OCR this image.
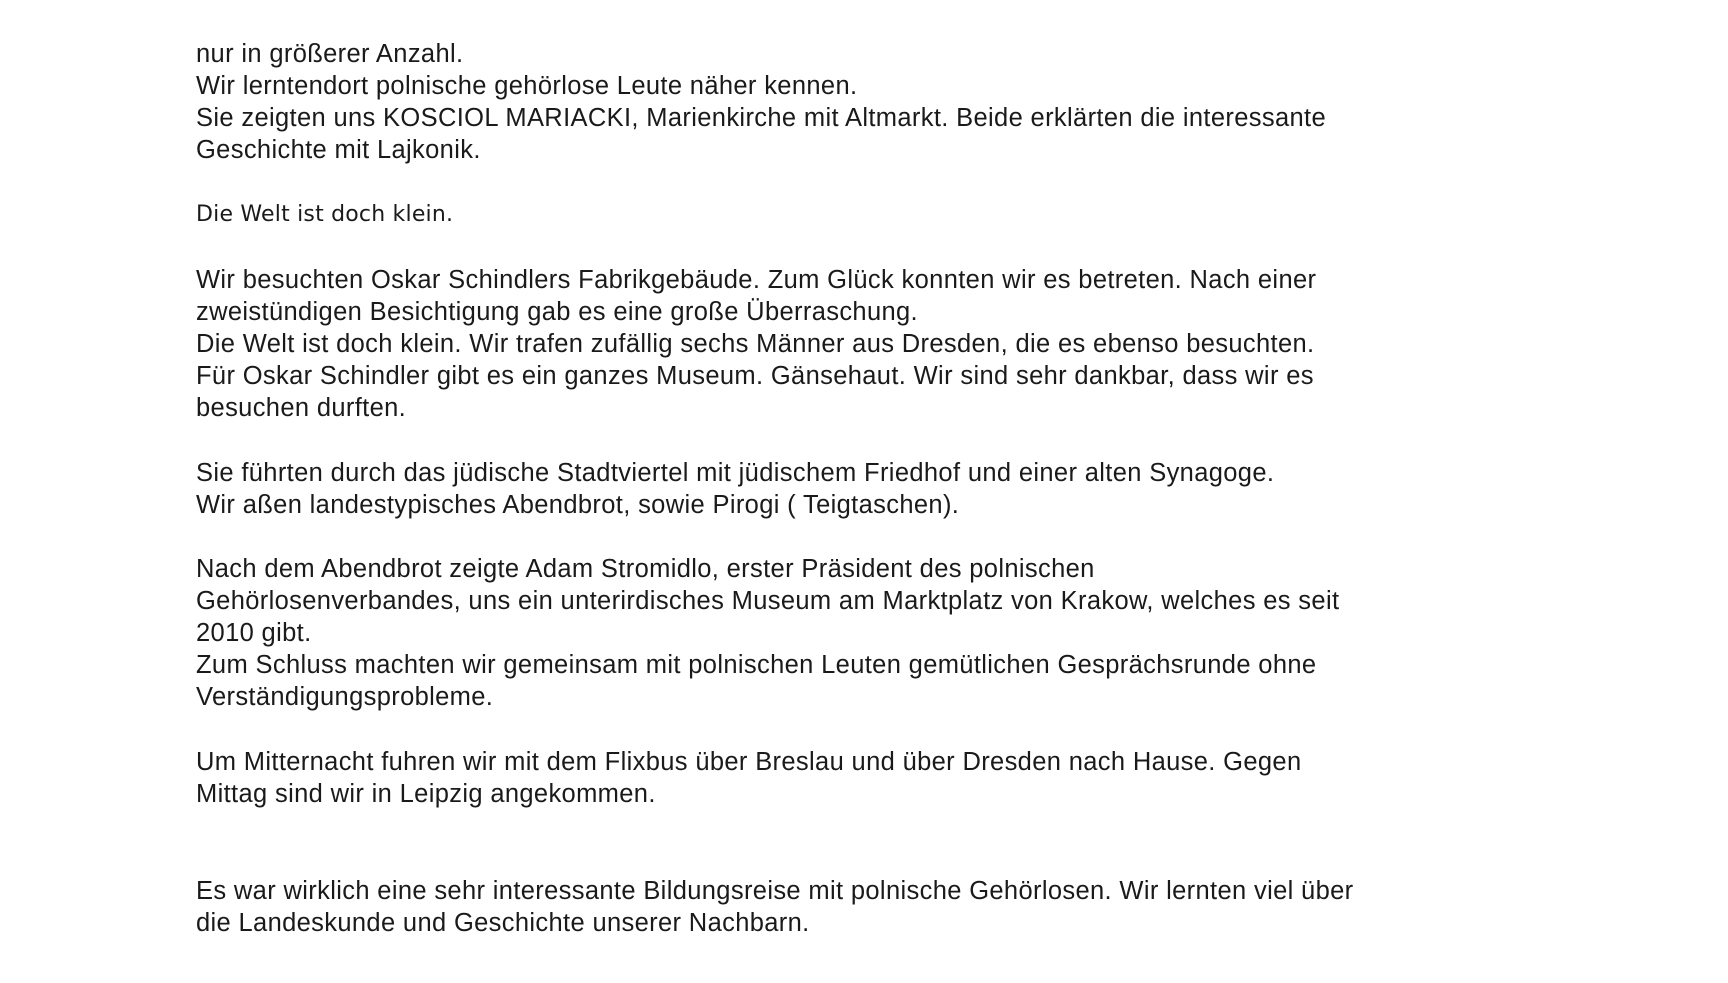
nur in größerer Anzahl.
Wir lerntendort polnische gehörlose Leute näher kennen.
Sie zeigten uns KOSCIOL MARIACKI, Marienkirche mit Altmarkt. Beide erklärten die interessante
Geschichte mit Lajkonik.

Die Welt ist doch klein.

Wir besuchten Oskar Schindlers Fabrikgebäude. Zum Glück konnten wir es betreten. Nach einer
zweistündigen Besichtigung gab es eine große Überraschung.
Die Welt ist doch klein. Wir trafen zufällig sechs Männer aus Dresden, die es ebenso besuchten.
Für Oskar Schindler gibt es ein ganzes Museum. Gänsehaut. Wir sind sehr dankbar, dass wir es
besuchen durften.

Sie führten durch das jüdische Stadtviertel mit jüdischem Friedhof und einer alten Synagoge.
Wir aßen landestypisches Abendbrot, sowie Pirogi ( Teigtaschen).

Nach dem Abendbrot zeigte Adam Stromidlo, erster Präsident des polnischen
Gehörlosenverbandes, uns ein unterirdisches Museum am Marktplatz von Krakow, welches es seit
2010 gibt.
Zum Schluss machten wir gemeinsam mit polnischen Leuten gemütlichen Gesprächsrunde ohne
Verständigungsprobleme.

Um Mitternacht fuhren wir mit dem Flixbus über Breslau und über Dresden nach Hause. Gegen
Mittag sind wir in Leipzig angekommen.

Es war wirklich eine sehr interessante Bildungsreise mit polnische Gehörlosen. Wir lernten viel über
die Landeskunde und Geschichte unserer Nachbarn.
